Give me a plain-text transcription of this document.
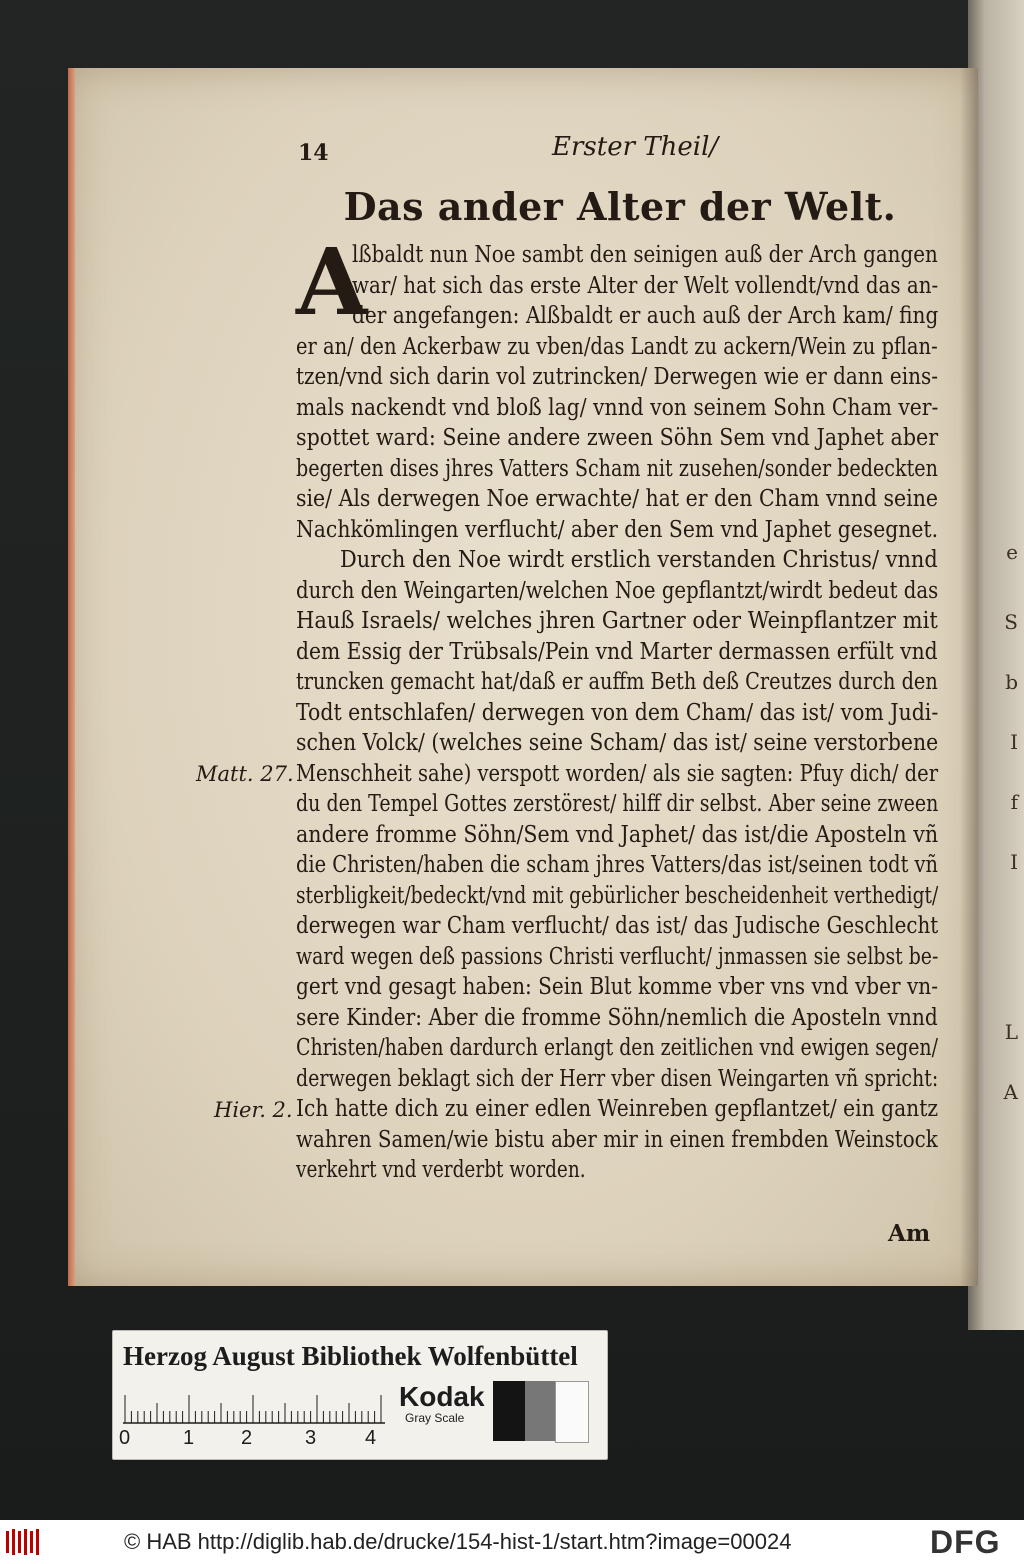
e
S
b
I
f
I
L
A
14	Erster Theil/
Das ander Alter der Welt.
A
lßbaldt nun Noe sambt den seinigen auß der Arch gangen
war/ hat sich das erste Alter der Welt vollendt/vnd das an-
der angefangen: Alßbaldt er auch auß der Arch kam/ fing
er an/ den Ackerbaw zu vben/das Landt zu ackern/Wein zu pflan-
tzen/vnd sich darin vol zutrincken/ Derwegen wie er dann eins-
mals nackendt vnd bloß lag/ vnnd von seinem Sohn Cham ver-
spottet ward: Seine andere zween Söhn Sem vnd Japhet aber
begerten dises jhres Vatters Scham nit zusehen/sonder bedeckten
sie/ Als derwegen Noe erwachte/ hat er den Cham vnnd seine
Nachkömlingen verflucht/ aber den Sem vnd Japhet gesegnet.
Durch den Noe wirdt erstlich verstanden Christus/ vnnd
durch den Weingarten/welchen Noe gepflantzt/wirdt bedeut das
Hauß Israels/ welches jhren Gartner oder Weinpflantzer mit
dem Essig der Trübsals/Pein vnd Marter dermassen erfült vnd
truncken gemacht hat/daß er auffm Beth deß Creutzes durch den
Todt entschlafen/ derwegen von dem Cham/ das ist/ vom Judi-
schen Volck/ (welches seine Scham/ das ist/ seine verstorbene
Menschheit sahe) verspott worden/ als sie sagten: Pfuy dich/ der
du den Tempel Gottes zerstörest/ hilff dir selbst. Aber seine zween
andere fromme Söhn/Sem vnd Japhet/ das ist/die Aposteln vñ
die Christen/haben die scham jhres Vatters/das ist/seinen todt vñ
sterbligkeit/bedeckt/vnd mit gebürlicher bescheidenheit verthedigt/
derwegen war Cham verflucht/ das ist/ das Judische Geschlecht
ward wegen deß passions Christi verflucht/ jnmassen sie selbst be-
gert vnd gesagt haben: Sein Blut komme vber vns vnd vber vn-
sere Kinder: Aber die fromme Söhn/nemlich die Aposteln vnnd
Christen/haben dardurch erlangt den zeitlichen vnd ewigen segen/
derwegen beklagt sich der Herr vber disen Weingarten vñ spricht:
Ich hatte dich zu einer edlen Weinreben gepflantzet/ ein gantz
wahren Samen/wie bistu aber mir in einen frembden Weinstock
verkehrt vnd verderbt worden.
Matt. 27.
Hier. 2.
Am
Herzog August Bibliothek Wolfenbüttel
0	1 2	3 4
Kodak
Gray Scale
© HAB http://diglib.hab.de/drucke/154-hist-1/start.htm?image=00024	DFG
